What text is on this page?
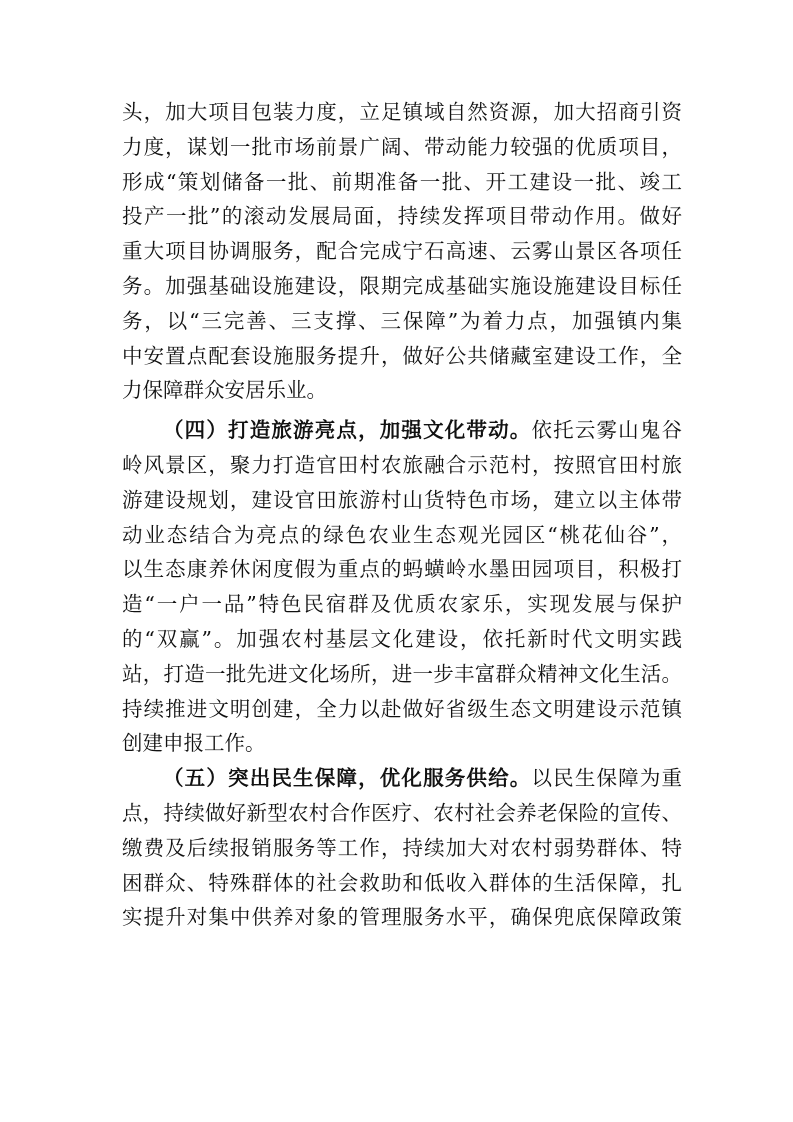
头，加大项目包装力度，立足镇域自然资源，加大招商引资
力度，谋划一批市场前景广阔、带动能力较强的优质项目，
形成“策划储备一批、前期准备一批、开工建设一批、竣工
投产一批”的滚动发展局面，持续发挥项目带动作用。做好
重大项目协调服务，配合完成宁石高速、云雾山景区各项任
务。加强基础设施建设，限期完成基础实施设施建设目标任
务，以“三完善、三支撑、三保障”为着力点，加强镇内集
中安置点配套设施服务提升，做好公共储藏室建设工作，全
力保障群众安居乐业。
（四）打造旅游亮点，加强文化带动。依托云雾山鬼谷
岭风景区，聚力打造官田村农旅融合示范村，按照官田村旅
游建设规划，建设官田旅游村山货特色市场，建立以主体带
动业态结合为亮点的绿色农业生态观光园区“桃花仙谷”，
以生态康养休闲度假为重点的蚂蟥岭水墨田园项目，积极打
造“一户一品”特色民宿群及优质农家乐，实现发展与保护
的“双赢”。加强农村基层文化建设，依托新时代文明实践
站，打造一批先进文化场所，进一步丰富群众精神文化生活。
持续推进文明创建，全力以赴做好省级生态文明建设示范镇
创建申报工作。
（五）突出民生保障，优化服务供给。以民生保障为重
点，持续做好新型农村合作医疗、农村社会养老保险的宣传、
缴费及后续报销服务等工作，持续加大对农村弱势群体、特
困群众、特殊群体的社会救助和低收入群体的生活保障，扎
实提升对集中供养对象的管理服务水平，确保兜底保障政策
